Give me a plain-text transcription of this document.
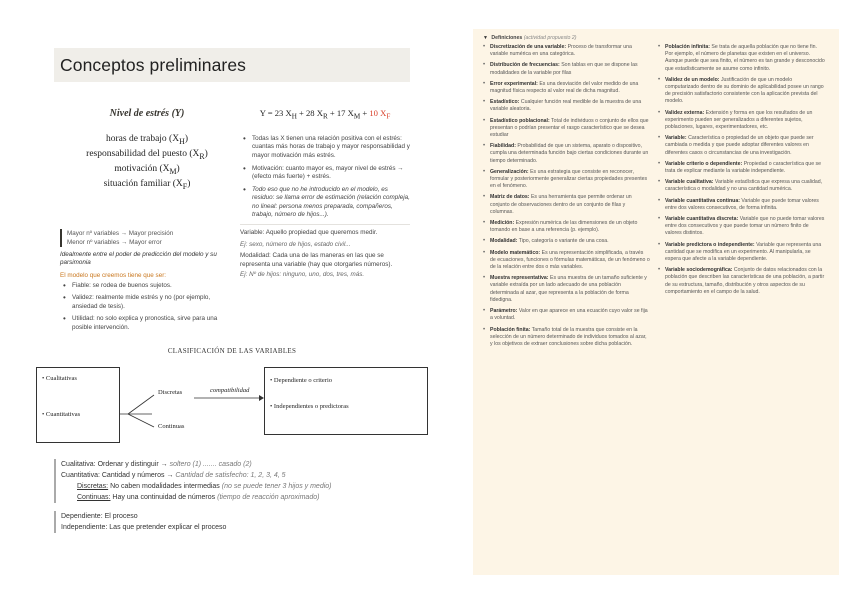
Conceptos preliminares
Nivel de estrés (Y)
horas de trabajo $(X_H)$
responsabilidad del puesto $(X_R)$
motivación $(X_M)$
situación familiar $(X_F)$
Mayor nº variables → Mayor precisión
Menor nº variables → Mayor error
Idealmente entre el poder de predicción del modelo y su parsimonia
El modelo que creemos tiene que ser:
• Fiable: se rodea de buenos sujetos.
• Validez: realmente mide estrés y no (por ejemplo, ansiedad de tesis).
• Utilidad: no solo explica y pronostica, sirve para una posible intervención.
Y = 23 $X_H + 28$ $X_R + 17$ $X_M + 10$ $X_F$
• Todas las X tienen una relación positiva con el estrés: cuantas más horas de trabajo y mayor responsabilidad y mayor motivación más estrés.
• Motivación: cuanto mayor es, mayor nivel de estrés → (efecto más fuerte) + estrés.
• Todo eso que no he introducido en el modelo, es residuo: se llama error de estimación (relación compleja, no lineal: persona menos preparada, compañeros, trabajo, número de hijos...).
Variable: Aquello propiedad que queremos medir.
Ej: sexo, número de hijos, estado civil...
Modalidad: Cada una de las maneras en las que se representa una variable (hay que otorgarles números).
Ej: Nº de hijos: ninguno, uno, dos, tres, más.
CLASIFICACIÓN DE LAS VARIABLES
• Cualitativas
• Cuantitativas
Discretas
Continuas
compatibilidad
• Dependiente o criterio
• Independientes o predictoras
Cualitativa: Ordenar y distinguir → soltero (1) ....... casado (2)
Cuantitativa: Cantidad y números → Cantidad de satisfecho: 1, 2, 3, 4, 5
Discretas: No caben modalidades intermedias (no se puede tener 3 hijos y medio)
Continuas: Hay una continuidad de números (tiempo de reacción aproximado)
Dependiente: El proceso
Independiente: Las que pretender explicar el proceso
▼ Definiciones (actividad propuesto 2)
• Discretización de una variable: Proceso de transformar una variable numérica en una categórica.
• Distribución de frecuencias: Son tablas en que se dispone las modalidades de la variable por filas
• Error experimental: Es una desviación del valor medido de una magnitud física respecto al valor real de dicha magnitud.
• Estadístico: Cualquier función real medible de la muestra de una variable aleatoria.
• Estadístico poblacional: Total de individuos o conjunto de ellos que presentan o podrían presentar el rasgo característico que se desea estudiar
• Fiabilidad: Probabilidad de que un sistema, aparato o dispositivo, cumpla una determinada función bajo ciertas condiciones durante un tiempo determinado.
• Generalización: Es una estrategia que consiste en reconocer, formular y posteriormente generalizar ciertas propiedades presentes en el fenómeno.
• Matriz de datos: Es una herramienta que permite ordenar un conjunto de observaciones dentro de un conjunto de filas y columnas.
• Medición: Expresión numérica de las dimensiones de un objeto tomando en base a una referencia (p. ejemplo).
• Modalidad: Tipo, categoría o variante de una cosa.
• Modelo matemático: Es una representación simplificada, a través de ecuaciones, funciones o fórmulas matemáticas, de un fenómeno o de la relación entre dos o más variables.
• Muestra representativa: Es una muestra de un tamaño suficiente y variable extraída por un lado adecuado de una población determinada al azar, que representa a la población de forma fidedigna.
• Parámetro: Valor en que aparece en una ecuación cuyo valor se fija a voluntad.
• Población finita: Tamaño total de la muestra que consiste en la selección de un número determinado de individuos tomados al azar, y los objetivos de extraer conclusiones sobre dicha población.
• Población infinita: Se trata de aquella población que no tiene fin. Por ejemplo, el número de planetas que existen en el universo. Aunque puede que sea finito, el número es tan grande y desconocido que estadísticamente se asume como infinito.
• Validez de un modelo: Justificación de que un modelo computarizado dentro de su dominio de aplicabilidad posee un rango de precisión satisfactorio consistente con la aplicación prevista del modelo.
• Validez externa: Extensión y forma en que los resultados de un experimento pueden ser generalizados a diferentes sujetos, poblaciones, lugares, experimentadores, etc.
• Variable: Característica o propiedad de un objeto que puede ser cambiada o medida y que puede adoptar diferentes valores en diferentes casos o circunstancias de una investigación.
• Variable criterio o dependiente: Propiedad o característica que se trata de explicar mediante la variable independiente.
• Variable cualitativa: Variable estadística que expresa una cualidad, característica o modalidad y no una cantidad numérica.
• Variable cuantitativa continua: Variable que puede tomar valores entre dos valores consecutivos, de forma infinita.
• Variable cuantitativa discreta: Variable que no puede tomar valores entre dos consecutivos y que puede tomar un número finito de valores distintos.
• Variable predictora o independiente: Variable que representa una cantidad que se modifica en un experimento. Al manipularla, se espera que afecte a la variable dependiente.
• Variable sociodemográfica: Conjunto de datos relacionados con la población que describen las características de una población, a partir de su estructura, tamaño, distribución y otros aspectos de su comportamiento en el campo de la salud.
